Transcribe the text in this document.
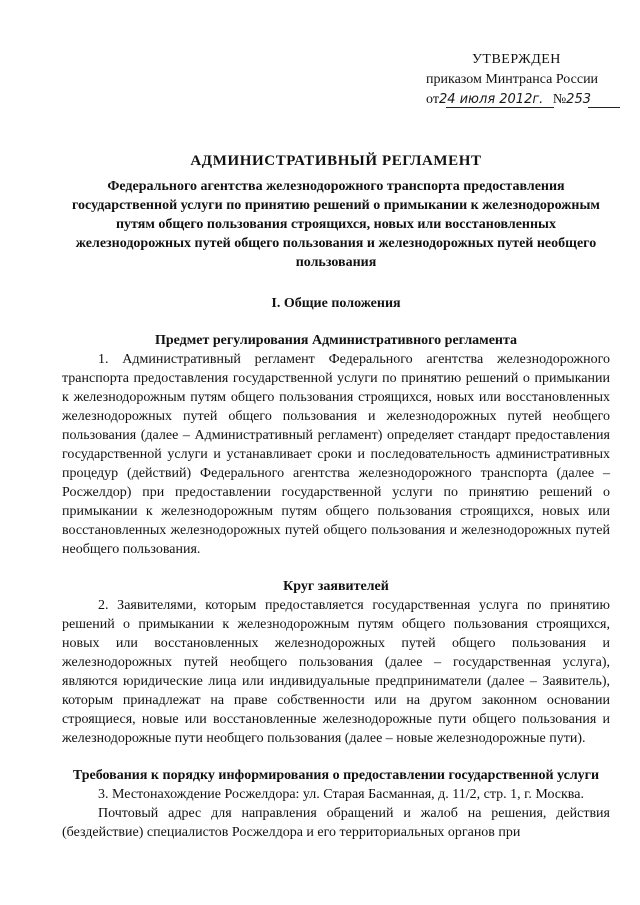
УТВЕРЖДЕН
приказом Минтранса России
от24 июля 2012г. №253
АДМИНИСТРАТИВНЫЙ РЕГЛАМЕНТ
Федерального агентства железнодорожного транспорта предоставления государственной услуги по принятию решений о примыкании к железнодорожным путям общего пользования строящихся, новых или восстановленных железнодорожных путей общего пользования и железнодорожных путей необщего пользования
I. Общие положения
Предмет регулирования Административного регламента

1. Административный регламент Федерального агентства железнодорожного транспорта предоставления государственной услуги по принятию решений о примыкании к железнодорожным путям общего пользования строящихся, новых или восстановленных железнодорожных путей общего пользования и железнодорожных путей необщего пользования (далее – Административный регламент) определяет стандарт предоставления государственной услуги и устанавливает сроки и последовательность административных процедур (действий) Федерального агентства железнодорожного транспорта (далее – Росжелдор) при предоставлении государственной услуги по принятию решений о примыкании к железнодорожным путям общего пользования строящихся, новых или восстановленных железнодорожных путей общего пользования и железнодорожных путей необщего пользования.

Круг заявителей

2. Заявителями, которым предоставляется государственная услуга по принятию решений о примыкании к железнодорожным путям общего пользования строящихся, новых или восстановленных железнодорожных путей общего пользования и железнодорожных путей необщего пользования (далее – государственная услуга), являются юридические лица или индивидуальные предприниматели (далее – Заявитель), которым принадлежат на праве собственности или на другом законном основании строящиеся, новые или восстановленные железнодорожные пути общего пользования и железнодорожные пути необщего пользования (далее – новые железнодорожные пути).

Требования к порядку информирования о предоставлении государственной услуги

3. Местонахождение Росжелдора: ул. Старая Басманная, д. 11/2, стр. 1, г. Москва.

Почтовый адрес для направления обращений и жалоб на решения, действия (бездействие) специалистов Росжелдора и его территориальных органов при
